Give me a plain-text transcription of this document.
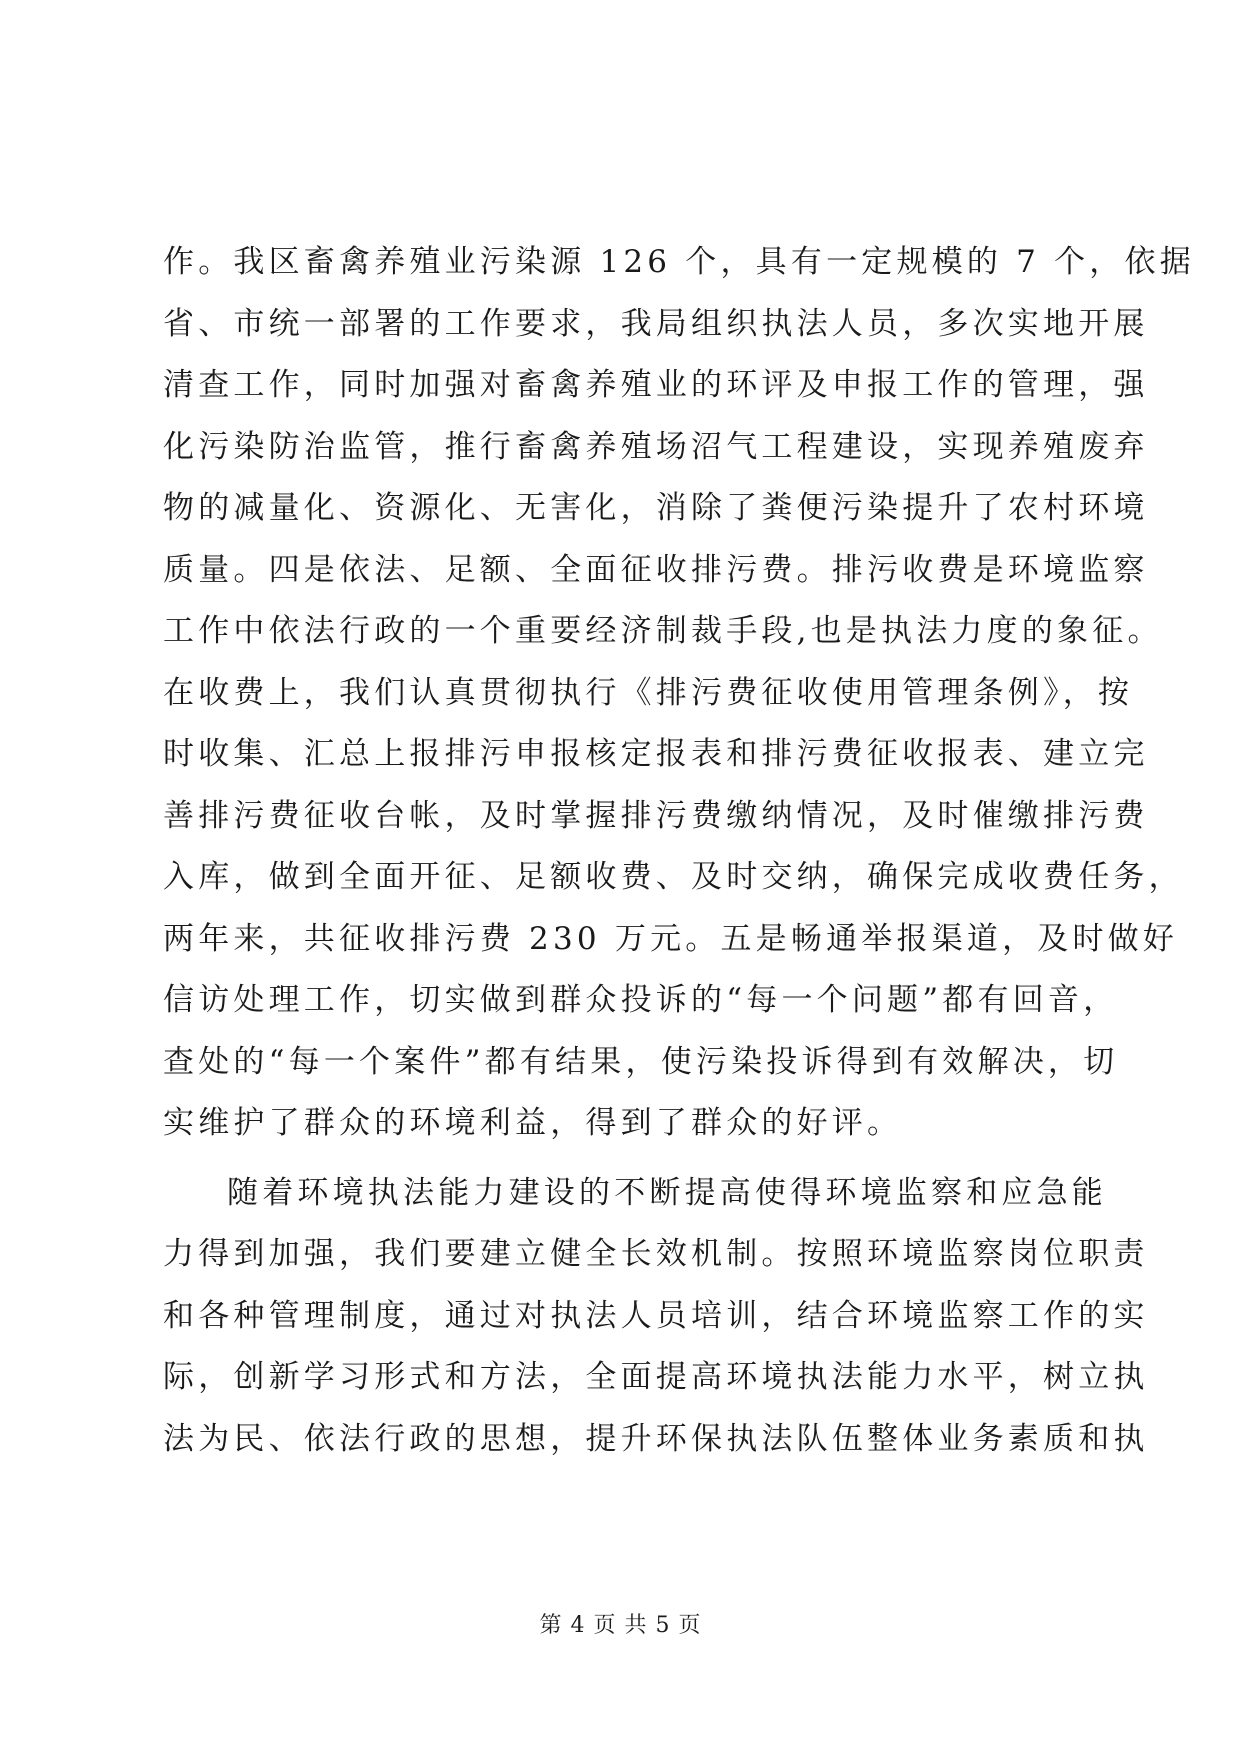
作。我区畜禽养殖业污染源 126 个，具有一定规模的 7 个，依据
省、市统一部署的工作要求，我局组织执法人员，多次实地开展
清查工作，同时加强对畜禽养殖业的环评及申报工作的管理，强
化污染防治监管，推行畜禽养殖场沼气工程建设，实现养殖废弃
物的减量化、资源化、无害化，消除了粪便污染提升了农村环境
质量。四是依法、足额、全面征收排污费。排污收费是环境监察
工作中依法行政的一个重要经济制裁手段,也是执法力度的象征。
在收费上，我们认真贯彻执行《排污费征收使用管理条例》，按
时收集、汇总上报排污申报核定报表和排污费征收报表、建立完
善排污费征收台帐，及时掌握排污费缴纳情况，及时催缴排污费
入库，做到全面开征、足额收费、及时交纳，确保完成收费任务，
两年来，共征收排污费 230 万元。五是畅通举报渠道，及时做好
信访处理工作，切实做到群众投诉的“每一个问题”都有回音，
查处的“每一个案件”都有结果，使污染投诉得到有效解决，切
实维护了群众的环境利益，得到了群众的好评。
随着环境执法能力建设的不断提高使得环境监察和应急能
力得到加强，我们要建立健全长效机制。按照环境监察岗位职责
和各种管理制度，通过对执法人员培训，结合环境监察工作的实
际，创新学习形式和方法，全面提高环境执法能力水平，树立执
法为民、依法行政的思想，提升环保执法队伍整体业务素质和执
第 4 页 共 5 页
